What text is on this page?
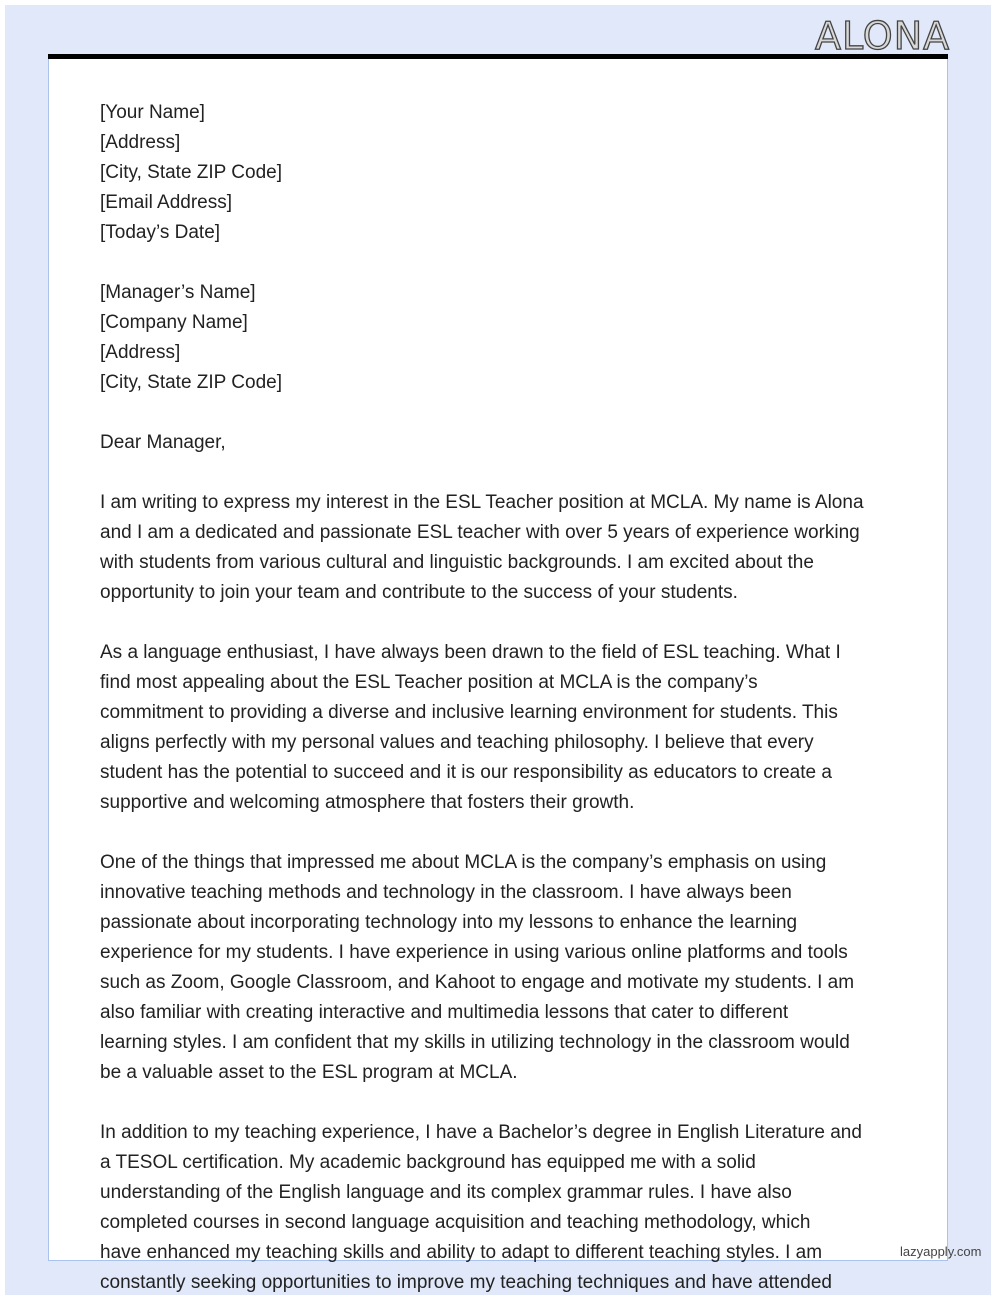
ALONA
[Your Name]
[Address]
[City, State ZIP Code]
[Email Address]
[Today’s Date]
[Manager’s Name]
[Company Name]
[Address]
[City, State ZIP Code]
Dear Manager,
I am writing to express my interest in the ESL Teacher position at MCLA. My name is Alona
and I am a dedicated and passionate ESL teacher with over 5 years of experience working
with students from various cultural and linguistic backgrounds. I am excited about the
opportunity to join your team and contribute to the success of your students.
As a language enthusiast, I have always been drawn to the field of ESL teaching. What I
find most appealing about the ESL Teacher position at MCLA is the company’s
commitment to providing a diverse and inclusive learning environment for students. This
aligns perfectly with my personal values and teaching philosophy. I believe that every
student has the potential to succeed and it is our responsibility as educators to create a
supportive and welcoming atmosphere that fosters their growth.
One of the things that impressed me about MCLA is the company’s emphasis on using
innovative teaching methods and technology in the classroom. I have always been
passionate about incorporating technology into my lessons to enhance the learning
experience for my students. I have experience in using various online platforms and tools
such as Zoom, Google Classroom, and Kahoot to engage and motivate my students. I am
also familiar with creating interactive and multimedia lessons that cater to different
learning styles. I am confident that my skills in utilizing technology in the classroom would
be a valuable asset to the ESL program at MCLA.
In addition to my teaching experience, I have a Bachelor’s degree in English Literature and
a TESOL certification. My academic background has equipped me with a solid
understanding of the English language and its complex grammar rules. I have also
completed courses in second language acquisition and teaching methodology, which
have enhanced my teaching skills and ability to adapt to different teaching styles. I am
constantly seeking opportunities to improve my teaching techniques and have attended
lazyapply.com
